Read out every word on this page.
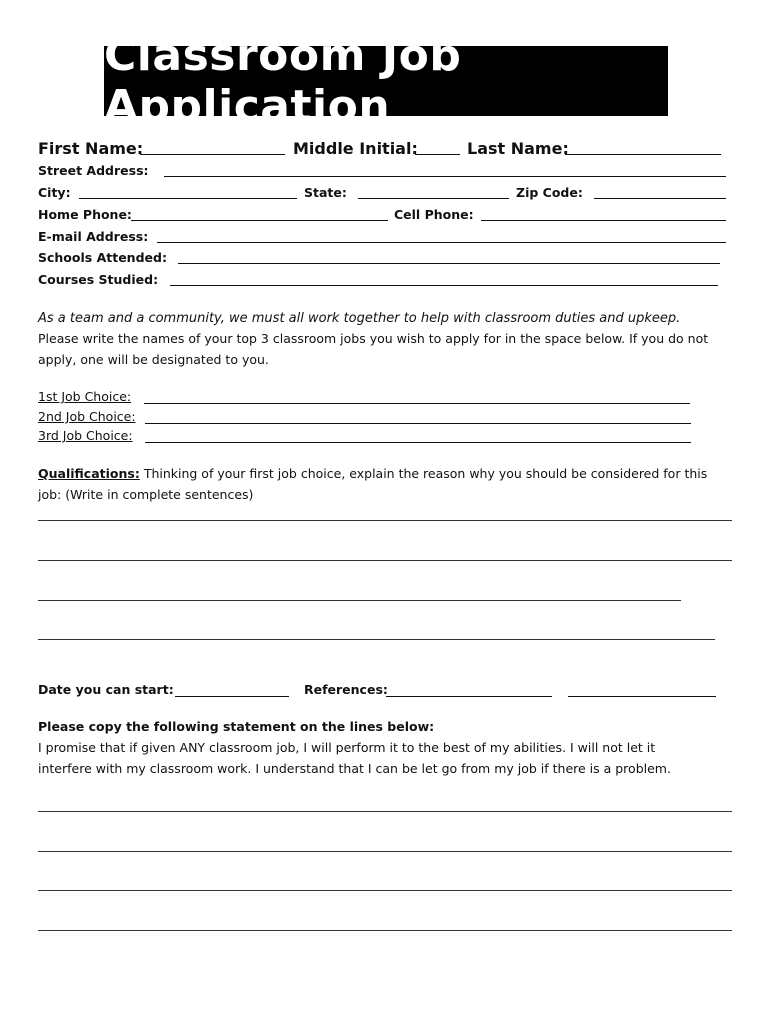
Classroom Job Application
First Name:	Middle Initial:	Last Name:
Street Address:
City:	State:	Zip Code:
Home Phone:	Cell Phone:
E-mail Address:
Schools Attended:
Courses Studied:
As a team and a community, we must all work together to help with classroom duties and upkeep.
Please write the names of your top 3 classroom jobs you wish to apply for in the space below. If you do not
apply, one will be designated to you.
1st Job Choice:
2nd Job Choice:
3rd Job Choice:
Qualifications: Thinking of your first job choice, explain the reason why you should be considered for this
job: (Write in complete sentences)
Date you can start:	References:
Please copy the following statement on the lines below:
I promise that if given ANY classroom job, I will perform it to the best of my abilities. I will not let it
interfere with my classroom work. I understand that I can be let go from my job if there is a problem.
